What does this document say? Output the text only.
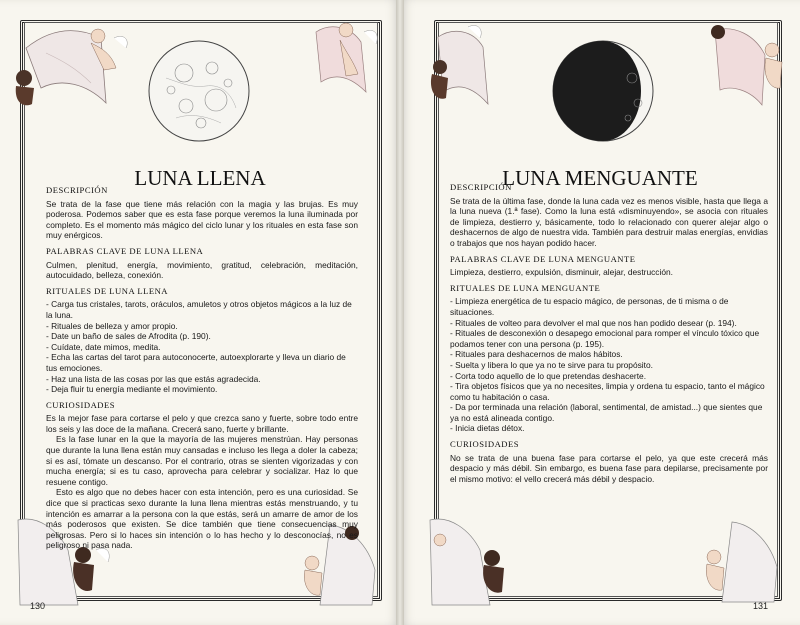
LUNA LLENA
DESCRIPCIÓN

Se trata de la fase que tiene más relación con la magia y las brujas. Es muy poderosa. Podemos saber que es esta fase porque veremos la luna iluminada por completo. Es el momento más mágico del ciclo lunar y los rituales en esta fase son muy enérgicos.

PALABRAS CLAVE DE LUNA LLENA

Culmen, plenitud, energía, movimiento, gratitud, celebración, meditación, autocuidado, belleza, conexión.

RITUALES DE LUNA LLENA
- Carga tus cristales, tarots, oráculos, amuletos y otros objetos mágicos a la luz de la luna.
- Rituales de belleza y amor propio.
- Date un baño de sales de Afrodita (p. 190).
- Cuídate, date mimos, medita.
- Echa las cartas del tarot para autoconocerte, autoexplorarte y lleva un diario de tus emociones.
- Haz una lista de las cosas por las que estás agradecida.
- Deja fluir tu energía mediante el movimiento.
CURIOSIDADES

Es la mejor fase para cortarse el pelo y que crezca sano y fuerte, sobre todo entre los seis y las doce de la mañana. Crecerá sano, fuerte y brillante.

Es la fase lunar en la que la mayoría de las mujeres menstrúan. Hay personas que durante la luna llena están muy cansadas e incluso les llega a doler la cabeza; si es así, tómate un descanso. Por el contrario, otras se sienten vigorizadas y con mucha energía; si es tu caso, aprovecha para celebrar y socializar. Haz lo que resuene contigo.

Esto es algo que no debes hacer con esta intención, pero es una curiosidad. Se dice que si practicas sexo durante la luna llena mientras estás menstruando, y tu intención es amarrar a la persona con la que estás, será un amarre de amor de los más poderosos que existen. Se dice también que tiene consecuencias muy peligrosas. Pero si lo haces sin intención o lo has hecho y lo desconocías, no es peligroso ni pasa nada.

130
LUNA MENGUANTE
DESCRIPCIÓN

Se trata de la última fase, donde la luna cada vez es menos visible, hasta que llega a la luna nueva (1.ª fase). Como la luna está «disminuyendo», se asocia con rituales de limpieza, destierro y, básicamente, todo lo relacionado con querer alejar algo o deshacernos de algo de nuestra vida. También para destruir malas energías, envidias o trabajos que nos hayan podido hacer.

PALABRAS CLAVE DE LUNA MENGUANTE

Limpieza, destierro, expulsión, disminuir, alejar, destrucción.

RITUALES DE LUNA MENGUANTE
- Limpieza energética de tu espacio mágico, de personas, de ti misma o de situaciones.
- Rituales de volteo para devolver el mal que nos han podido desear (p. 194).
- Rituales de desconexión o desapego emocional para romper el vínculo tóxico que podamos tener con una persona (p. 195).
- Rituales para deshacernos de malos hábitos.
- Suelta y libera lo que ya no te sirve para tu propósito.
- Corta todo aquello de lo que pretendas deshacerte.
- Tira objetos físicos que ya no necesites, limpia y ordena tu espacio, tanto el mágico como tu habitación o casa.
- Da por terminada una relación (laboral, sentimental, de amistad...) que sientes que ya no está alineada contigo.
- Inicia dietas détox.
CURIOSIDADES

No se trata de una buena fase para cortarse el pelo, ya que este crecerá más despacio y más débil. Sin embargo, es buena fase para depilarse, precisamente por el mismo motivo: el vello crecerá más débil y despacio.

131
